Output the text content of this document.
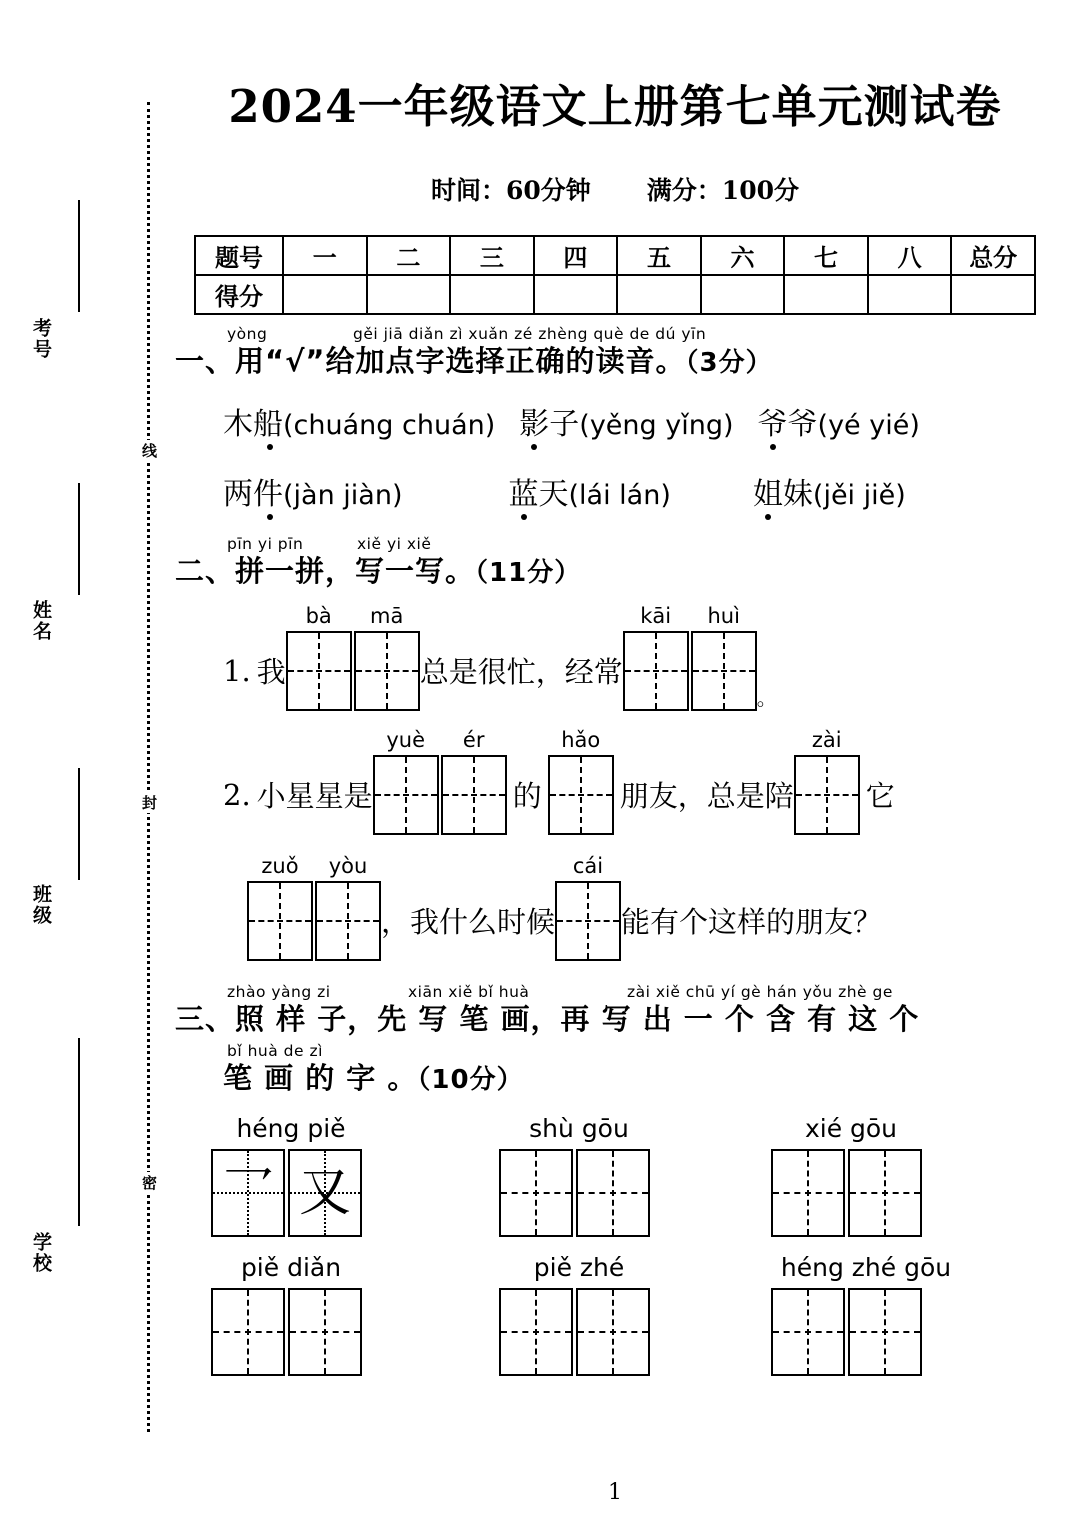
考号
姓名
班级
学校
线
封
密
2024一年级语文上册第七单元测试卷
时间：60分钟 满分：100分
题号	一	二	三	四	五	六	七	八	总分
得分									
yòng	gěi jiā diǎn zì xuǎn zé zhèng què de dú yīn
一、用“√”给加点字选择正确的读音。（3分）
木船(chuáng chuán) 影子(yěng yǐng) 爷爷(yé yié)
两件(jàn jiàn)	蓝天(lái lán)	姐妹(jěi jiě)
pīn yi pīn	xiě yi xiě
二、拼一拼，写一写。（11分）
1. 我
bà	mā
总是很忙，经常
kāi	huì
。
2. 小星星是
yuè	ér
的
hǎo
朋友，总是陪
zài
它
zuǒ	yòu
，我什么时候
cái
能有个这样的朋友？
zhào yàng zi	xiān xiě bǐ huà	zài xiě chū yí gè hán yǒu zhè ge
三、照 样 子，先 写 笔 画，再 写 出 一 个 含 有 这 个
bǐ huà de zì
笔 画 的 字 。（10分）
héng piě
乛 又
shù gōu	xié gōu
piě diǎn	piě zhé	héng zhé gōu
1
